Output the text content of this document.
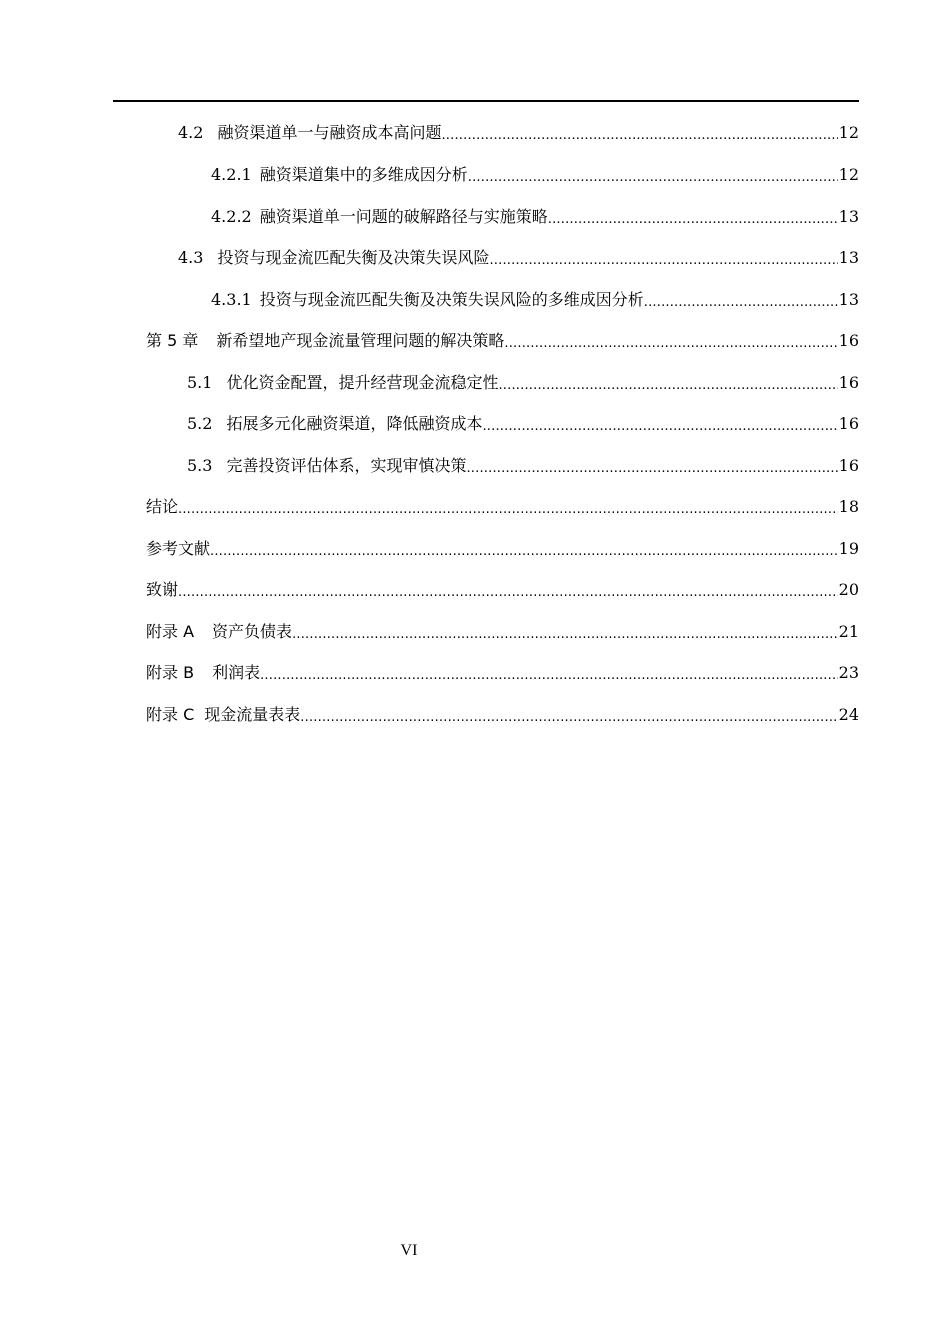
4.2 融资渠道单一与融资成本高问题 .....	12
4.2.1 融资渠道集中的多维成因分析 .....	12
4.2.2 融资渠道单一问题的破解路径与实施策略 .....	13
4.3 投资与现金流匹配失衡及决策失误风险 .....	13
4.3.1 投资与现金流匹配失衡及决策失误风险的多维成因分析 .....	13
第 5 章 新希望地产现金流量管理问题的解决策略 .....	16
5.1 优化资金配置，提升经营现金流稳定性 .....	16
5.2 拓展多元化融资渠道，降低融资成本 .....	16
5.3 完善投资评估体系，实现审慎决策 .....	16
结论 .....	18
参考文献 .....	19
致谢 .....	20
附录 A 资产负债表 .....	21
附录 B 利润表 .....	23
附录 C 现金流量表表 .....	24
VI
